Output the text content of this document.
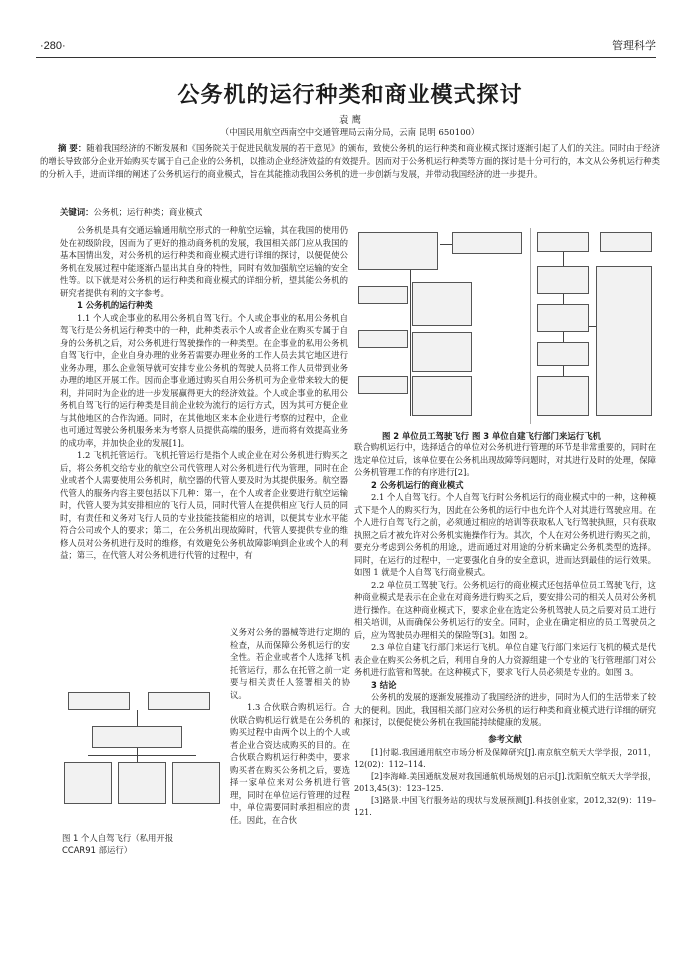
·280·	管理科学
公务机的运行种类和商业模式探讨
袁 鹰
（中国民用航空西南空中交通管理局云南分局，云南 昆明 650100）
摘 要：随着我国经济的不断发展和《国务院关于促进民航发展的若干意见》的颁布，致使公务机的运行种类和商业模式探讨逐渐引起了人们的关注。同时由于经济的增长导致部分企业开始购买专属于自己企业的公务机，以推动企业经济效益的有效提升。因而对于公务机运行种类等方面的探讨是十分可行的，本文从公务机运行种类的分析入手，进而详细的阐述了公务机运行的商业模式，旨在其能推动我国公务机的进一步创新与发展，并带动我国经济的进一步提升。
关键词：公务机；运行种类；商业模式

公务机是具有交通运输通用航空形式的一种航空运输，其在我国的使用仍处在初级阶段，因而为了更好的推动商务机的发展，我国相关部门应从我国的基本国情出发，对公务机的运行种类和商业模式进行详细的探讨，以便促使公务机在发展过程中能逐渐凸显出其自身的特性，同时有效加强航空运输的安全性等。以下就是对公务机的运行种类和商业模式的详细分析，望其能公务机的研究者提供有利的文字参考。

1 公务机的运行种类

1.1 个人或企事业的私用公务机自驾飞行。个人或企事业的私用公务机自驾飞行是公务机运行种类中的一种，此种类表示个人或者企业在购买专属于自身的公务机之后，对公务机进行驾驶操作的一种类型。在企事业的私用公务机自驾飞行中，企业自身办理的业务若需要办理业务的工作人员去其它地区进行业务办理，那么企业领导就可安排专业公务机的驾驶人员将工作人员带到业务办理的地区开展工作。因而企事业通过购买自用公务机可为企业带来较大的便利，并同时为企业的进一步发展赢得更大的经济效益。个人或企事业的私用公务机自驾飞行的运行种类是目前企业较为流行的运行方式，因为其可方便企业与其他地区的合作沟通。同时，在其他地区来本企业进行考察的过程中，企业也可通过驾驶公务机服务来为考察人员提供高端的服务，进而将有效提高业务的成功率，并加快企业的发展[1]。

1.2 飞机托管运行。飞机托管运行是指个人或企业在对公务机进行购买之后，将公务机交给专业的航空公司代管理人对公务机进行代为管理，同时在企业或者个人需要使用公务机时，航空器的代管人要及时为其提供服务。航空器代管人的服务内容主要包括以下几种：第一，在个人或者企业要进行航空运输时，代管人要为其安排相应的飞行人员，同时代管人在提供相应飞行人员的同时，有责任和义务对飞行人员的专业技能技能相应的培训，以便其专业水平能符合公司或个人的要求；第二，在公务机出现故障时，代管人要提供专业的维修人员对公务机进行及时的维修，有效避免公务机故障影响到企业或个人的利益；第三，在代管人对公务机进行代管的过程中，有

图 1 个人自驾飞行（私用开报
CCAR91 部运行）

义务对公务的器械等进行定期的检查，从而保障公务机运行的安全性。若企业或者个人选择飞机托管运行，那么在托管之前一定要与相关责任人签署相关的协议。

1.3 合伙联合购机运行。合伙联合购机运行就是在公务机的购买过程中由两个以上的个人或者企业合资达成购买的目的。在合伙联合购机运行种类中，要求购买者在购买公务机之后，要选择一家单位来对公务机进行管理，同时在单位运行管理的过程中，单位需要同时承担相应的责任。因此，在合伙

图 2 单位员工驾驶飞行 图 3 单位自建飞行部门来运行飞机

联合购机运行中，选择适合的单位对公务机进行管理的环节是非常重要的，同时在选定单位过后，该单位要在公务机出现故障等问题时，对其进行及时的处理，保障公务机管理工作的有序进行[2]。

2 公务机运行的商业模式

2.1 个人自驾飞行。个人自驾飞行时公务机运行的商业模式中的一种，这种模式下是个人的购买行为，因此在公务机的运行中也允许个人对其进行驾驶应用。在个人进行自驾飞行之前，必须通过相应的培训等获取私人飞行驾驶执照，只有获取执照之后才被允许对公务机实施操作行为。其次，个人在对公务机进行购买之前，要充分考虑到公务机的用途,，进而通过对用途的分析来确定公务机类型的选择。同时，在运行的过程中，一定要强化自身的安全意识，进而达到最佳的运行效果。如图 1 就是个人自驾飞行商业模式。

2.2 单位员工驾驶飞行。公务机运行的商业模式还包括单位员工驾驶飞行，这种商业模式是表示在企业在对商务进行购买之后，要安排公司的相关人员对公务机进行操作。在这种商业模式下，要求企业在选定公务机驾驶人员之后要对员工进行相关培训，从而确保公务机运行的安全。同时，企业在确定相应的员工驾驶员之后，应为驾驶员办理相关的保险等[3]。如图 2。

2.3 单位自建飞行部门来运行飞机。单位自建飞行部门来运行飞机的模式是代表企业在购买公务机之后，利用自身的人力资源组建一个专业的飞行管理部门对公务机进行监管和驾驶。在这种模式下，要求飞行人员必须是专业的。如图 3。

3 结论

公务机的发展的逐渐发展推动了我国经济的进步，同时为人们的生活带来了较大的便利。因此，我国相关部门应对公务机的运行种类和商业模式进行详细的研究和探讨，以便促使公务机在我国能持续健康的发展。

参考文献

[1]付聪.我国通用航空市场分析及保障研究[J].南京航空航天大学学报，2011，12(02)：112–114.

[2]李海峰.美国通航发展对我国通航机场规划的启示[J].沈阳航空航天大学学报，2013,45(3)：123–125.

[3]路景.中国飞行服务站的现状与发展预测[J].科技创业家，2012,32(9)：119–121.
